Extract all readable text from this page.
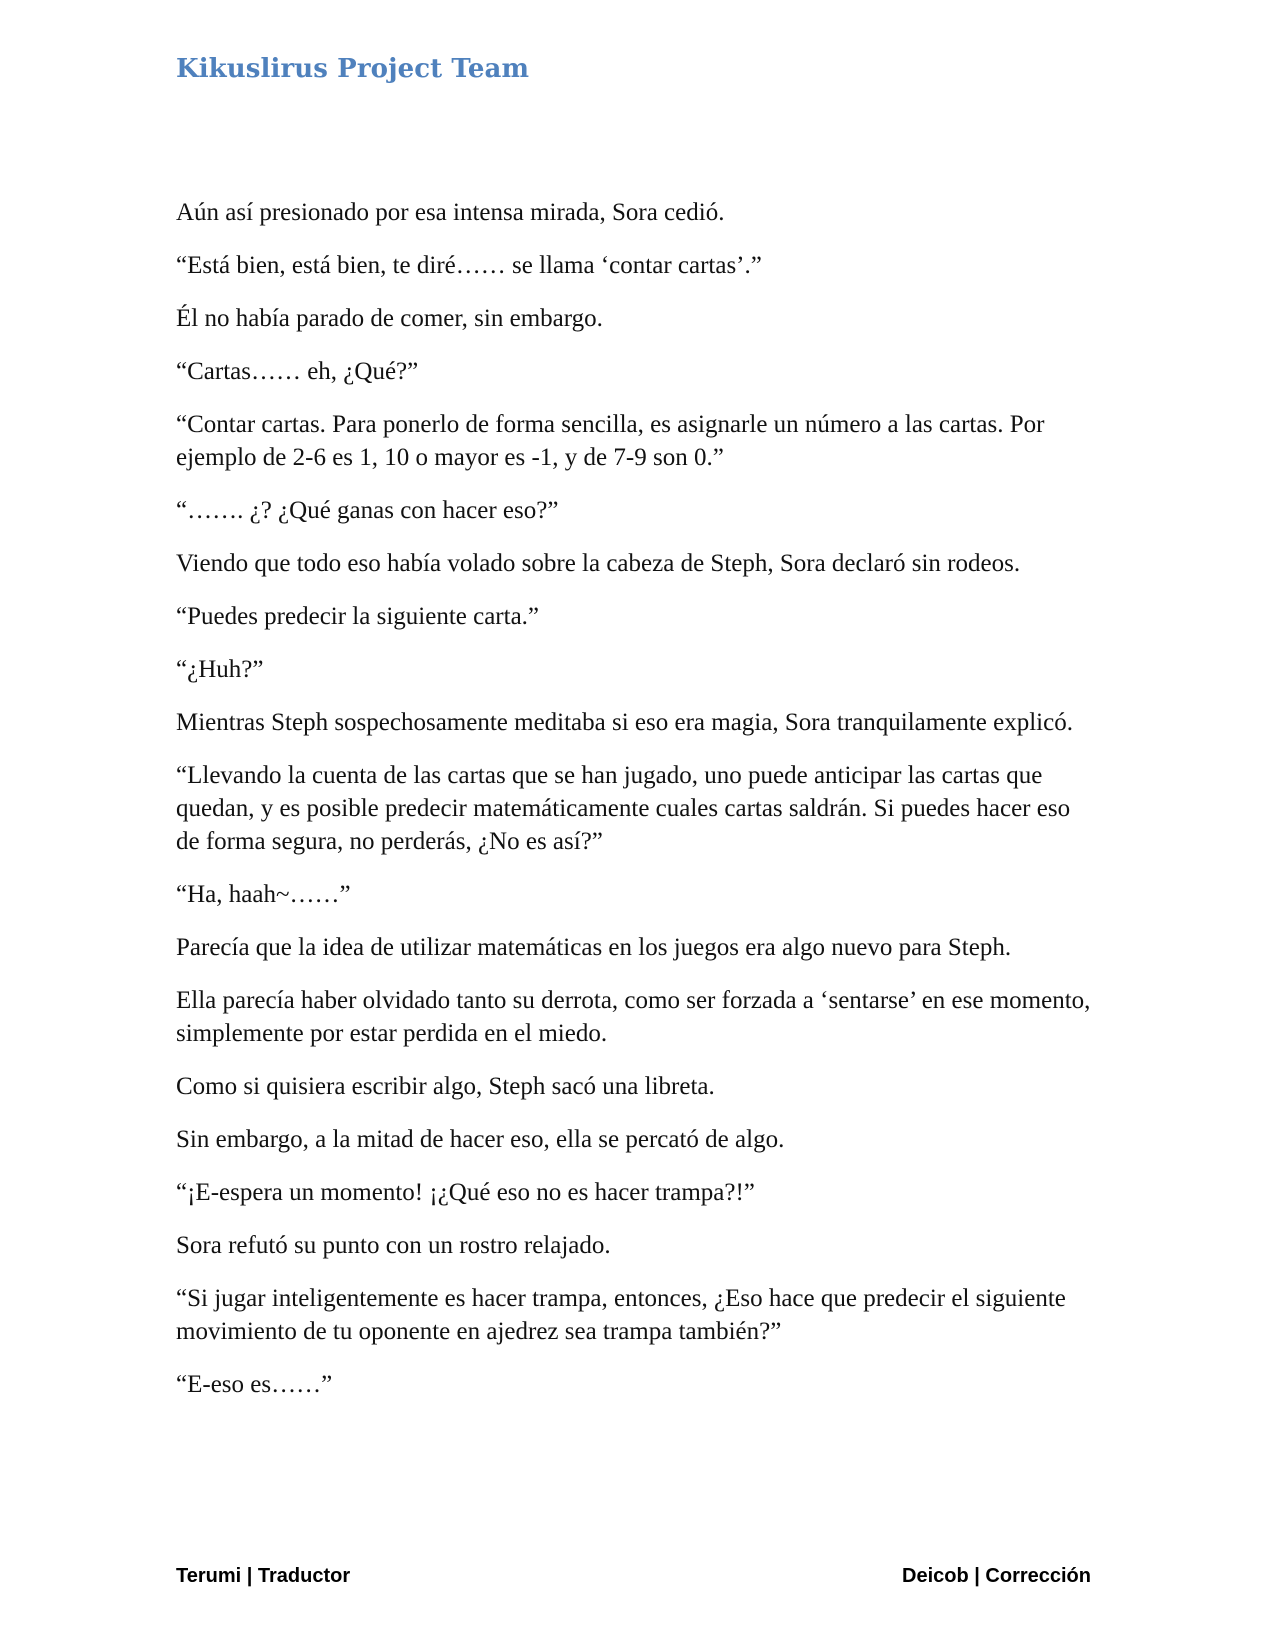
Kikuslirus Project Team

Aún así presionado por esa intensa mirada, Sora cedió.

“Está bien, está bien, te diré…… se llama ‘contar cartas’.”

Él no había parado de comer, sin embargo.

“Cartas…… eh, ¿Qué?”

“Contar cartas. Para ponerlo de forma sencilla, es asignarle un número a las cartas. Por ejemplo de 2-6 es 1, 10 o mayor es -1, y de 7-9 son 0.”

“……. ¿? ¿Qué ganas con hacer eso?”

Viendo que todo eso había volado sobre la cabeza de Steph, Sora declaró sin rodeos.

“Puedes predecir la siguiente carta.”

“¿Huh?”

Mientras Steph sospechosamente meditaba si eso era magia, Sora tranquilamente explicó.

“Llevando la cuenta de las cartas que se han jugado, uno puede anticipar las cartas que quedan, y es posible predecir matemáticamente cuales cartas saldrán. Si puedes hacer eso de forma segura, no perderás, ¿No es así?”

“Ha, haah~……”

Parecía que la idea de utilizar matemáticas en los juegos era algo nuevo para Steph.

Ella parecía haber olvidado tanto su derrota, como ser forzada a ‘sentarse’ en ese momento, simplemente por estar perdida en el miedo.

Como si quisiera escribir algo, Steph sacó una libreta.

Sin embargo, a la mitad de hacer eso, ella se percató de algo.

“¡E-espera un momento! ¡¿Qué eso no es hacer trampa?!”

Sora refutó su punto con un rostro relajado.

“Si jugar inteligentemente es hacer trampa, entonces, ¿Eso hace que predecir el siguiente movimiento de tu oponente en ajedrez sea trampa también?”

“E-eso es……”

Terumi | Traductor	Deicob | Corrección
